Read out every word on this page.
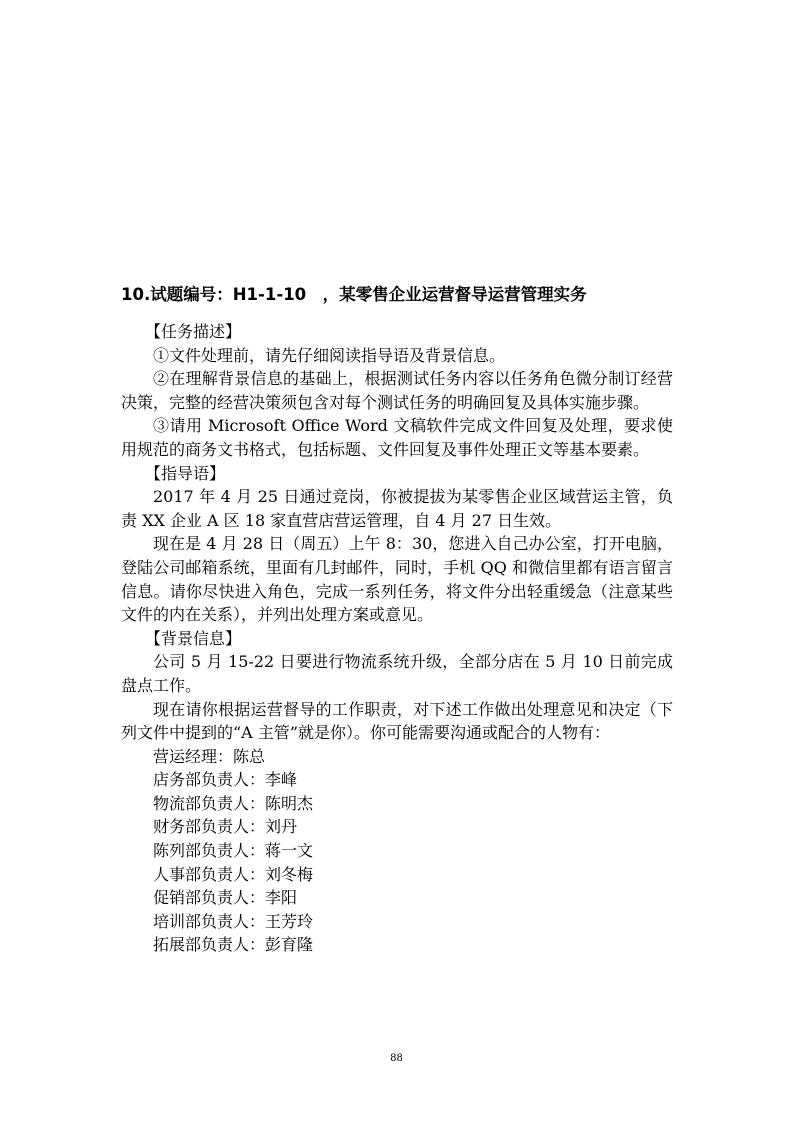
10.试题编号：H1-1-10　，某零售企业运营督导运营管理实务

【任务描述】

①文件处理前，请先仔细阅读指导语及背景信息。

②在理解背景信息的基础上，根据测试任务内容以任务角色微分制订经营决策，完整的经营决策须包含对每个测试任务的明确回复及具体实施步骤。

③请用 Microsoft Office Word 文稿软件完成文件回复及处理，要求使用规范的商务文书格式，包括标题、文件回复及事件处理正文等基本要素。

【指导语】

2017 年 4 月 25 日通过竞岗，你被提拔为某零售企业区域营运主管，负责 XX 企业 A 区 18 家直营店营运管理，自 4 月 27 日生效。

现在是 4 月 28 日（周五）上午 8：30，您进入自己办公室，打开电脑，登陆公司邮箱系统，里面有几封邮件，同时，手机 QQ 和微信里都有语言留言信息。请你尽快进入角色，完成一系列任务，将文件分出轻重缓急（注意某些文件的内在关系），并列出处理方案或意见。

【背景信息】

公司 5 月 15-22 日要进行物流系统升级，全部分店在 5 月 10 日前完成盘点工作。

现在请你根据运营督导的工作职责，对下述工作做出处理意见和决定（下列文件中提到的“A 主管”就是你）。你可能需要沟通或配合的人物有：

营运经理：陈总
店务部负责人：李峰
物流部负责人：陈明杰
财务部负责人：刘丹
陈列部负责人：蒋一文
人事部负责人：刘冬梅
促销部负责人：李阳
培训部负责人：王芳玲
拓展部负责人：彭育隆
88
